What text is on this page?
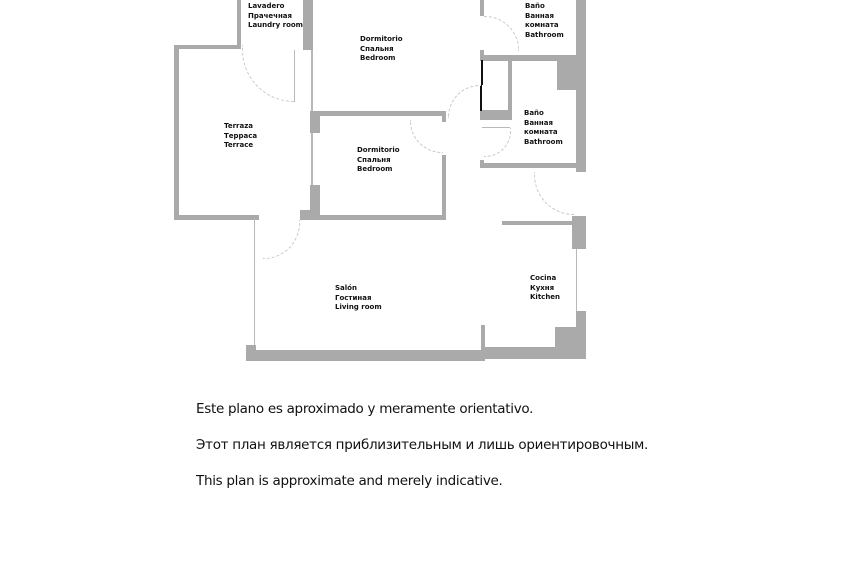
Lavadero
Прачечная
Laundry room
Dormitorio
Спальня
Bedroom
Baño
Ванная
комната
Bathroom
Baño
Ванная
комната
Bathroom
Terraza
Терраса
Terrace
Dormitorio
Спальня
Bedroom
Salón
Гостиная
Living room
Cocina
Кухня
Kitchen

Este plano es aproximado y meramente orientativo.

Этот план является приблизительным и лишь ориентировочным.

This plan is approximate and merely indicative.
